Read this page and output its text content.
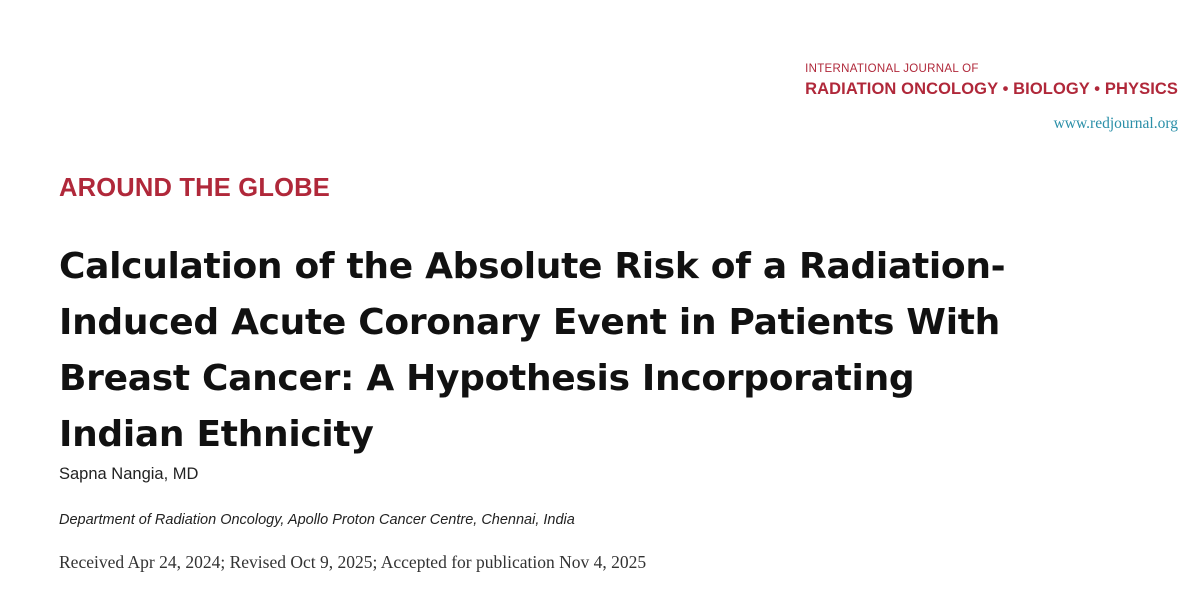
INTERNATIONAL JOURNAL OF
RADIATION ONCOLOGY • BIOLOGY • PHYSICS
www.redjournal.org
AROUND THE GLOBE
Calculation of the Absolute Risk of a Radiation-
Induced Acute Coronary Event in Patients With
Breast Cancer: A Hypothesis Incorporating
Indian Ethnicity
Sapna Nangia, MD
Department of Radiation Oncology, Apollo Proton Cancer Centre, Chennai, India
Received Apr 24, 2024; Revised Oct 9, 2025; Accepted for publication Nov 4, 2025
